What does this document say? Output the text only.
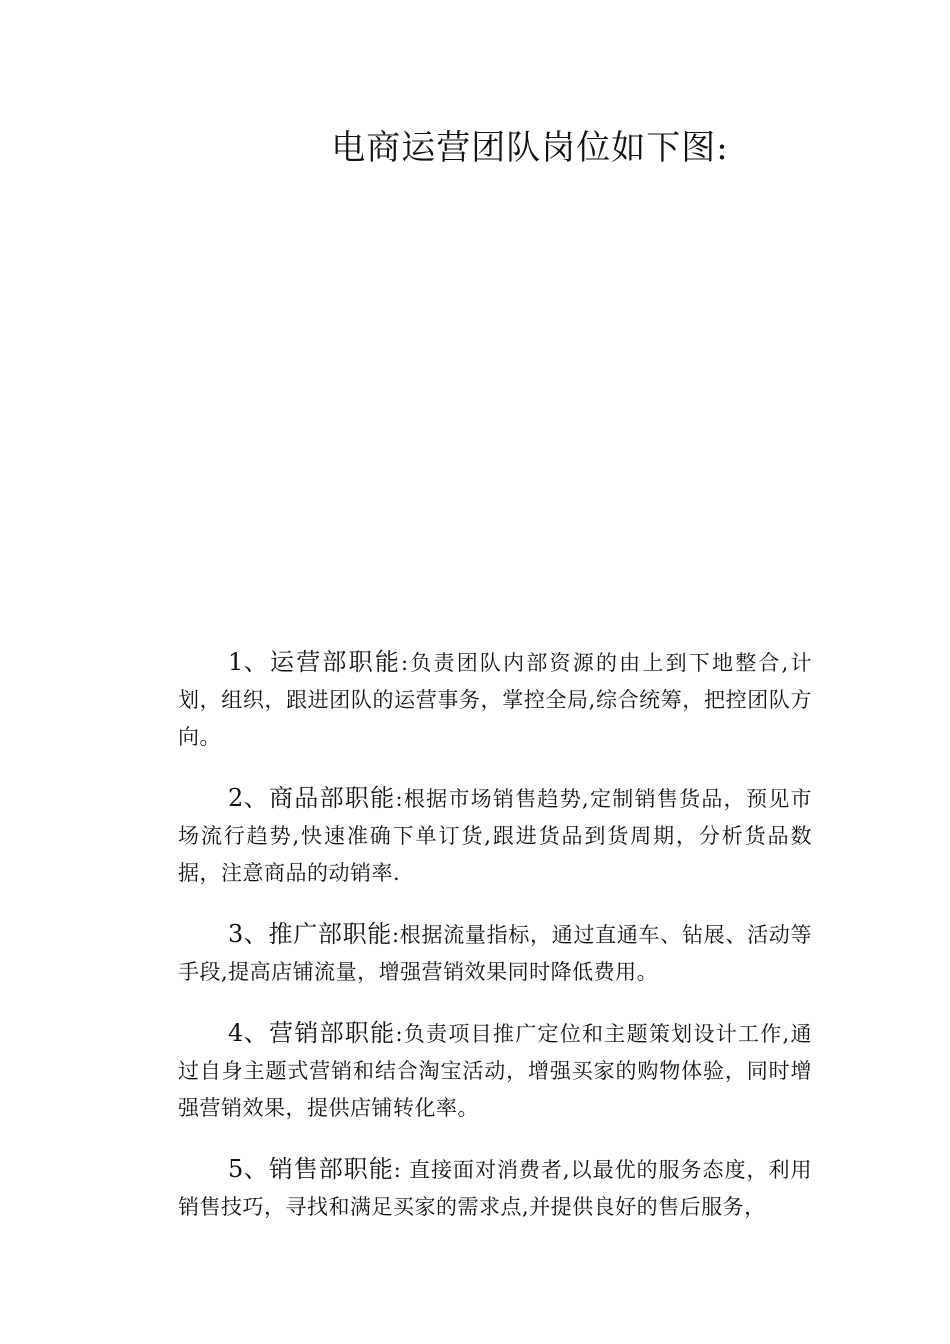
电商运营团队岗位如下图:

1、运营部职能:负责团队内部资源的由上到下地整合,计划，组织，跟进团队的运营事务，掌控全局,综合统筹，把控团队方向。

2、商品部职能:根据市场销售趋势,定制销售货品，预见市场流行趋势,快速准确下单订货,跟进货品到货周期，分析货品数据，注意商品的动销率.

3、推广部职能:根据流量指标，通过直通车、钻展、活动等手段,提高店铺流量，增强营销效果同时降低费用。

4、营销部职能:负责项目推广定位和主题策划设计工作,通过自身主题式营销和结合淘宝活动，增强买家的购物体验，同时增强营销效果，提供店铺转化率。

5、销售部职能: 直接面对消费者,以最优的服务态度，利用销售技巧，寻找和满足买家的需求点,并提供良好的售后服务，
